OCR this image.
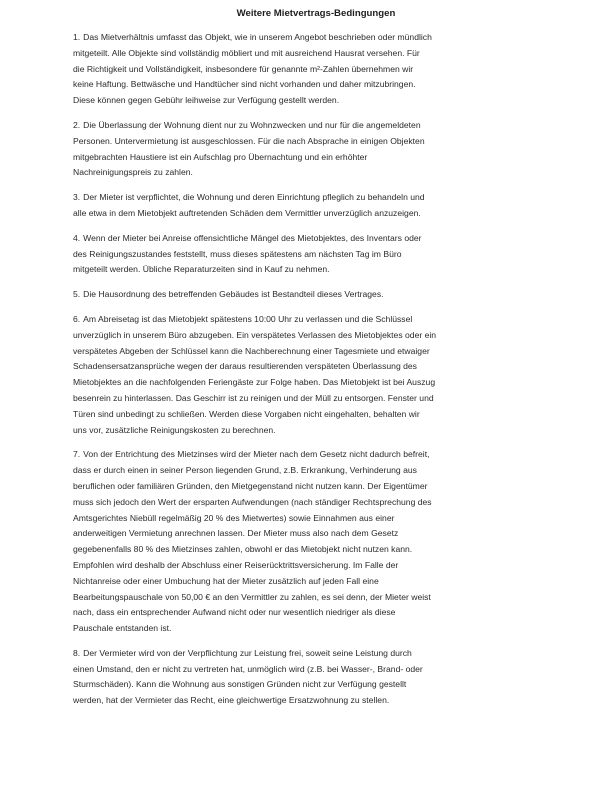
Weitere Mietvertrags-Bedingungen
1. Das Mietverhältnis umfasst das Objekt, wie in unserem Angebot beschrieben oder mündlich
mitgeteilt. Alle Objekte sind vollständig möbliert und mit ausreichend Hausrat versehen. Für
die Richtigkeit und Vollständigkeit, insbesondere für genannte m²-Zahlen übernehmen wir
keine Haftung. Bettwäsche und Handtücher sind nicht vorhanden und daher mitzubringen.
Diese können gegen Gebühr leihweise zur Verfügung gestellt werden.
2. Die Überlassung der Wohnung dient nur zu Wohnzwecken und nur für die angemeldeten
Personen. Untervermietung ist ausgeschlossen. Für die nach Absprache in einigen Objekten
mitgebrachten Haustiere ist ein Aufschlag pro Übernachtung und ein erhöhter
Nachreinigungspreis zu zahlen.
3. Der Mieter ist verpflichtet, die Wohnung und deren Einrichtung pfleglich zu behandeln und
alle etwa in dem Mietobjekt auftretenden Schäden dem Vermittler unverzüglich anzuzeigen.
4. Wenn der Mieter bei Anreise offensichtliche Mängel des Mietobjektes, des Inventars oder
des Reinigungszustandes feststellt, muss dieses spätestens am nächsten Tag im Büro
mitgeteilt werden. Übliche Reparaturzeiten sind in Kauf zu nehmen.
5. Die Hausordnung des betreffenden Gebäudes ist Bestandteil dieses Vertrages.
6. Am Abreisetag ist das Mietobjekt spätestens 10:00 Uhr zu verlassen und die Schlüssel
unverzüglich in unserem Büro abzugeben. Ein verspätetes Verlassen des Mietobjektes oder ein
verspätetes Abgeben der Schlüssel kann die Nachberechnung einer Tagesmiete und etwaiger
Schadensersatzansprüche wegen der daraus resultierenden verspäteten Überlassung des
Mietobjektes an die nachfolgenden Feriengäste zur Folge haben. Das Mietobjekt ist bei Auszug
besenrein zu hinterlassen. Das Geschirr ist zu reinigen und der Müll zu entsorgen. Fenster und
Türen sind unbedingt zu schließen. Werden diese Vorgaben nicht eingehalten, behalten wir
uns vor, zusätzliche Reinigungskosten zu berechnen.
7. Von der Entrichtung des Mietzinses wird der Mieter nach dem Gesetz nicht dadurch befreit,
dass er durch einen in seiner Person liegenden Grund, z.B. Erkrankung, Verhinderung aus
beruflichen oder familiären Gründen, den Mietgegenstand nicht nutzen kann. Der Eigentümer
muss sich jedoch den Wert der ersparten Aufwendungen (nach ständiger Rechtsprechung des
Amtsgerichtes Niebüll regelmäßig 20 % des Mietwertes) sowie Einnahmen aus einer
anderweitigen Vermietung anrechnen lassen. Der Mieter muss also nach dem Gesetz
gegebenenfalls 80 % des Mietzinses zahlen, obwohl er das Mietobjekt nicht nutzen kann.
Empfohlen wird deshalb der Abschluss einer Reiserücktrittsversicherung. Im Falle der
Nichtanreise oder einer Umbuchung hat der Mieter zusätzlich auf jeden Fall eine
Bearbeitungspauschale von 50,00 € an den Vermittler zu zahlen, es sei denn, der Mieter weist
nach, dass ein entsprechender Aufwand nicht oder nur wesentlich niedriger als diese
Pauschale entstanden ist.
8. Der Vermieter wird von der Verpflichtung zur Leistung frei, soweit seine Leistung durch
einen Umstand, den er nicht zu vertreten hat, unmöglich wird (z.B. bei Wasser-, Brand- oder
Sturmschäden). Kann die Wohnung aus sonstigen Gründen nicht zur Verfügung gestellt
werden, hat der Vermieter das Recht, eine gleichwertige Ersatzwohnung zu stellen.
